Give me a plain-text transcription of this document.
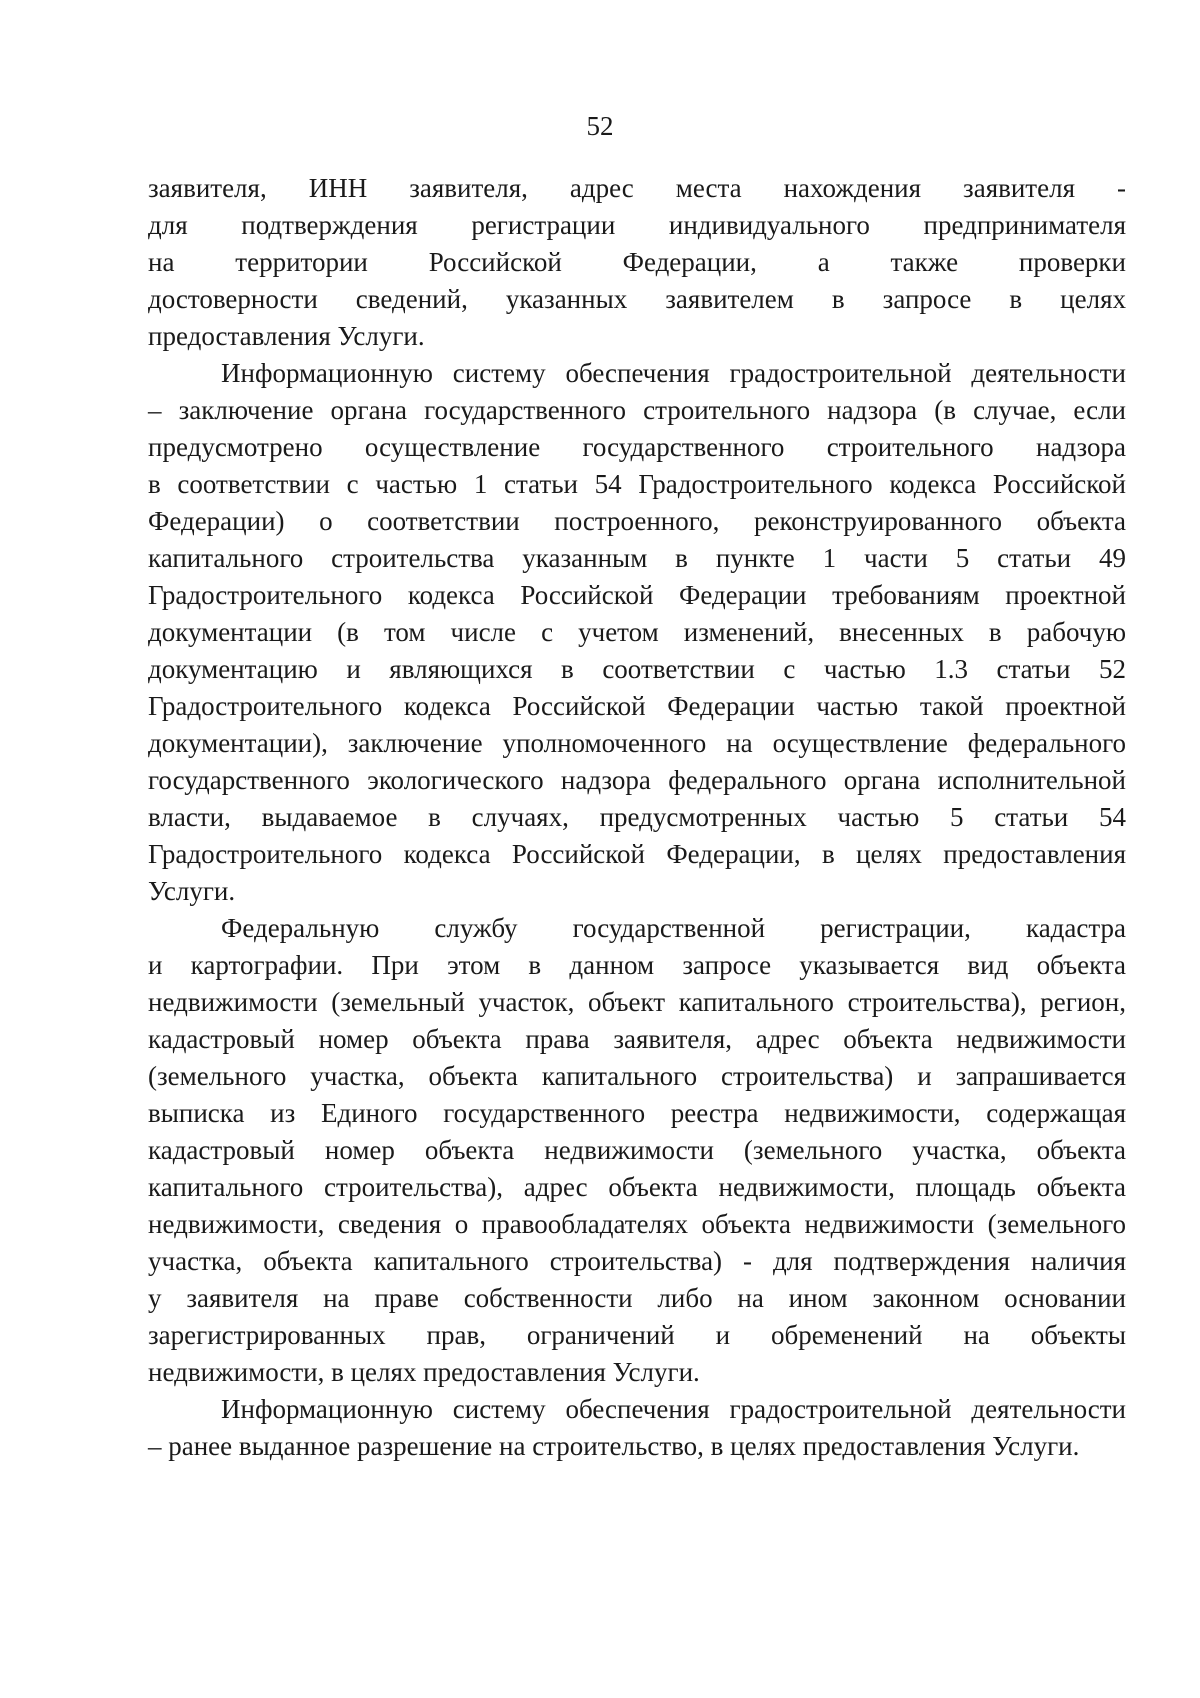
52

заявителя, ИНН заявителя, адрес места нахождения заявителя -
для подтверждения регистрации индивидуального предпринимателя
на территории Российской Федерации, а также проверки
достоверности сведений, указанных заявителем в запросе в целях
предоставления Услуги.

Информационную систему обеспечения градостроительной деятельности
– заключение органа государственного строительного надзора (в случае, если
предусмотрено осуществление государственного строительного надзора
в соответствии с частью 1 статьи 54 Градостроительного кодекса Российской
Федерации) о соответствии построенного, реконструированного объекта
капитального строительства указанным в пункте 1 части 5 статьи 49
Градостроительного кодекса Российской Федерации требованиям проектной
документации (в том числе с учетом изменений, внесенных в рабочую
документацию и являющихся в соответствии с частью 1.3 статьи 52
Градостроительного кодекса Российской Федерации частью такой проектной
документации), заключение уполномоченного на осуществление федерального
государственного экологического надзора федерального органа исполнительной
власти, выдаваемое в случаях, предусмотренных частью 5 статьи 54
Градостроительного кодекса Российской Федерации, в целях предоставления
Услуги.

Федеральную службу государственной регистрации, кадастра
и картографии. При этом в данном запросе указывается вид объекта
недвижимости (земельный участок, объект капитального строительства), регион,
кадастровый номер объекта права заявителя, адрес объекта недвижимости
(земельного участка, объекта капитального строительства) и запрашивается
выписка из Единого государственного реестра недвижимости, содержащая
кадастровый номер объекта недвижимости (земельного участка, объекта
капитального строительства), адрес объекта недвижимости, площадь объекта
недвижимости, сведения о правообладателях объекта недвижимости (земельного
участка, объекта капитального строительства) - для подтверждения наличия
у заявителя на праве собственности либо на ином законном основании
зарегистрированных прав, ограничений и обременений на объекты
недвижимости, в целях предоставления Услуги.

Информационную систему обеспечения градостроительной деятельности
– ранее выданное разрешение на строительство, в целях предоставления Услуги.
